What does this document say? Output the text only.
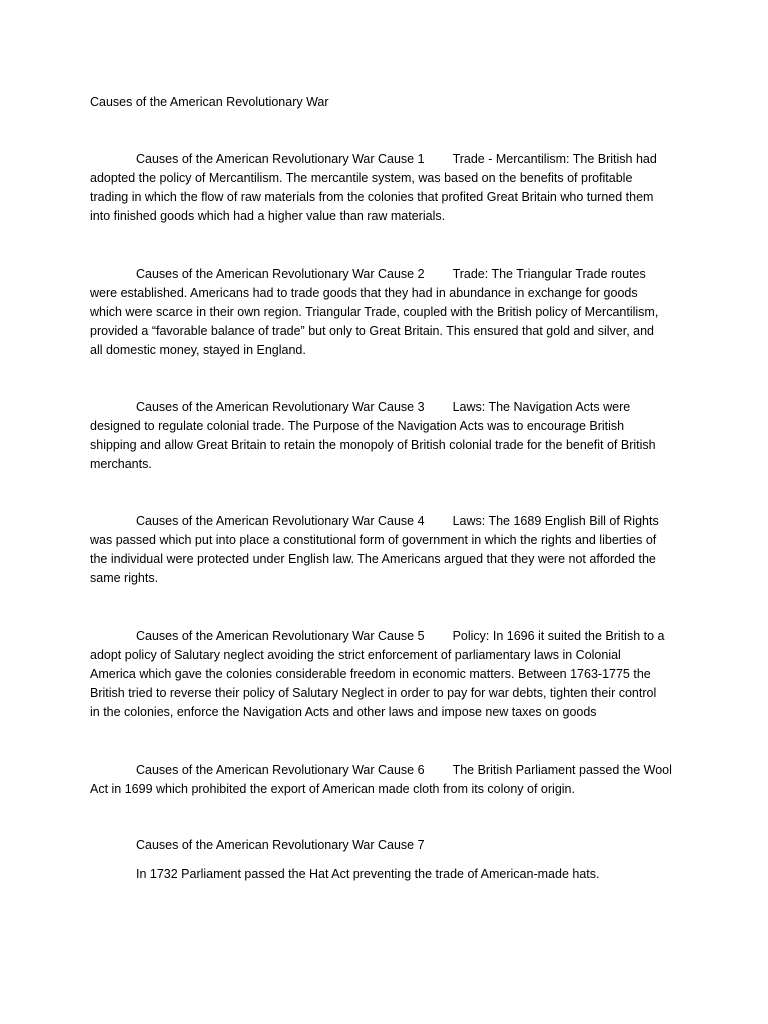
Causes of the American Revolutionary War
Causes of the American Revolutionary War Cause 1 Trade - Mercantilism: The British had
adopted the policy of Mercantilism. The mercantile system, was based on the benefits of profitable
trading in which the flow of raw materials from the colonies that profited Great Britain who turned them
into finished goods which had a higher value than raw materials.
Causes of the American Revolutionary War Cause 2 Trade: The Triangular Trade routes
were established. Americans had to trade goods that they had in abundance in exchange for goods
which were scarce in their own region. Triangular Trade, coupled with the British policy of Mercantilism,
provided a “favorable balance of trade” but only to Great Britain. This ensured that gold and silver, and
all domestic money, stayed in England.
Causes of the American Revolutionary War Cause 3 Laws: The Navigation Acts were
designed to regulate colonial trade. The Purpose of the Navigation Acts was to encourage British
shipping and allow Great Britain to retain the monopoly of British colonial trade for the benefit of British
merchants.
Causes of the American Revolutionary War Cause 4 Laws: The 1689 English Bill of Rights
was passed which put into place a constitutional form of government in which the rights and liberties of
the individual were protected under English law. The Americans argued that they were not afforded the
same rights.
Causes of the American Revolutionary War Cause 5 Policy: In 1696 it suited the British to a
adopt policy of Salutary neglect avoiding the strict enforcement of parliamentary laws in Colonial
America which gave the colonies considerable freedom in economic matters. Between 1763-1775 the
British tried to reverse their policy of Salutary Neglect in order to pay for war debts, tighten their control
in the colonies, enforce the Navigation Acts and other laws and impose new taxes on goods
Causes of the American Revolutionary War Cause 6 The British Parliament passed the Wool
Act in 1699 which prohibited the export of American made cloth from its colony of origin.
Causes of the American Revolutionary War Cause 7
In 1732 Parliament passed the Hat Act preventing the trade of American-made hats.
